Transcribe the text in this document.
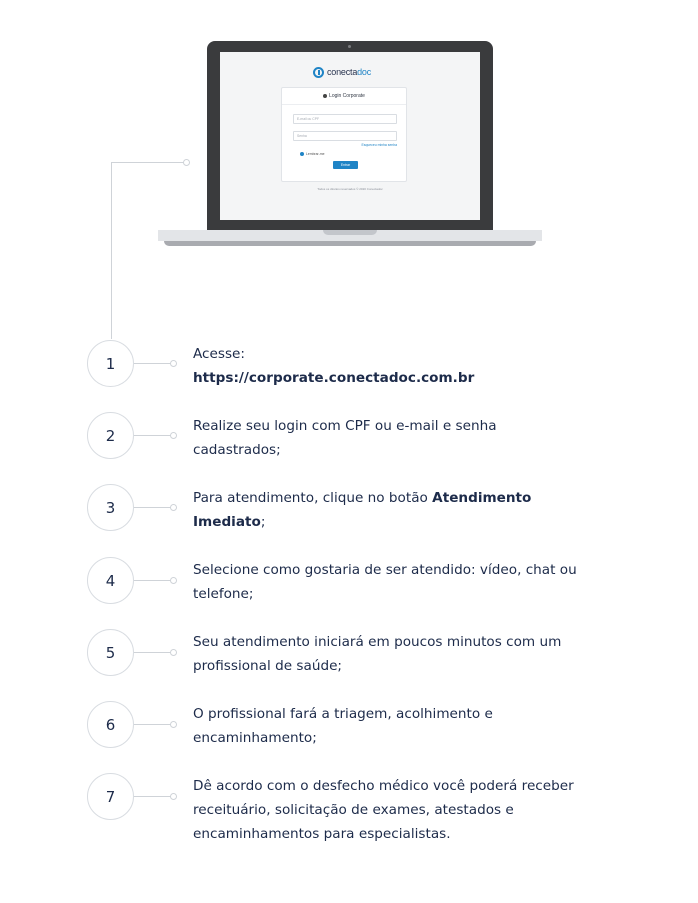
conectadoc
Login Corporate
E-mail ou CPF
Senha
Esqueceu minha senha
Lembrar-me
Entrar
Todos os direitos reservados © 2020 Conectadoc
1
Acesse:
https://corporate.conectadoc.com.br
2
Realize seu login com CPF ou e-mail e senha cadastrados;
3
Para atendimento, clique no botão Atendimento Imediato;
4
Selecione como gostaria de ser atendido: vídeo, chat ou telefone;
5
Seu atendimento iniciará em poucos minutos com um profissional de saúde;
6
O profissional fará a triagem, acolhimento e encaminhamento;
7
Dê acordo com o desfecho médico você poderá receber receituário, solicitação de exames, atestados e encaminhamentos para especialistas.
